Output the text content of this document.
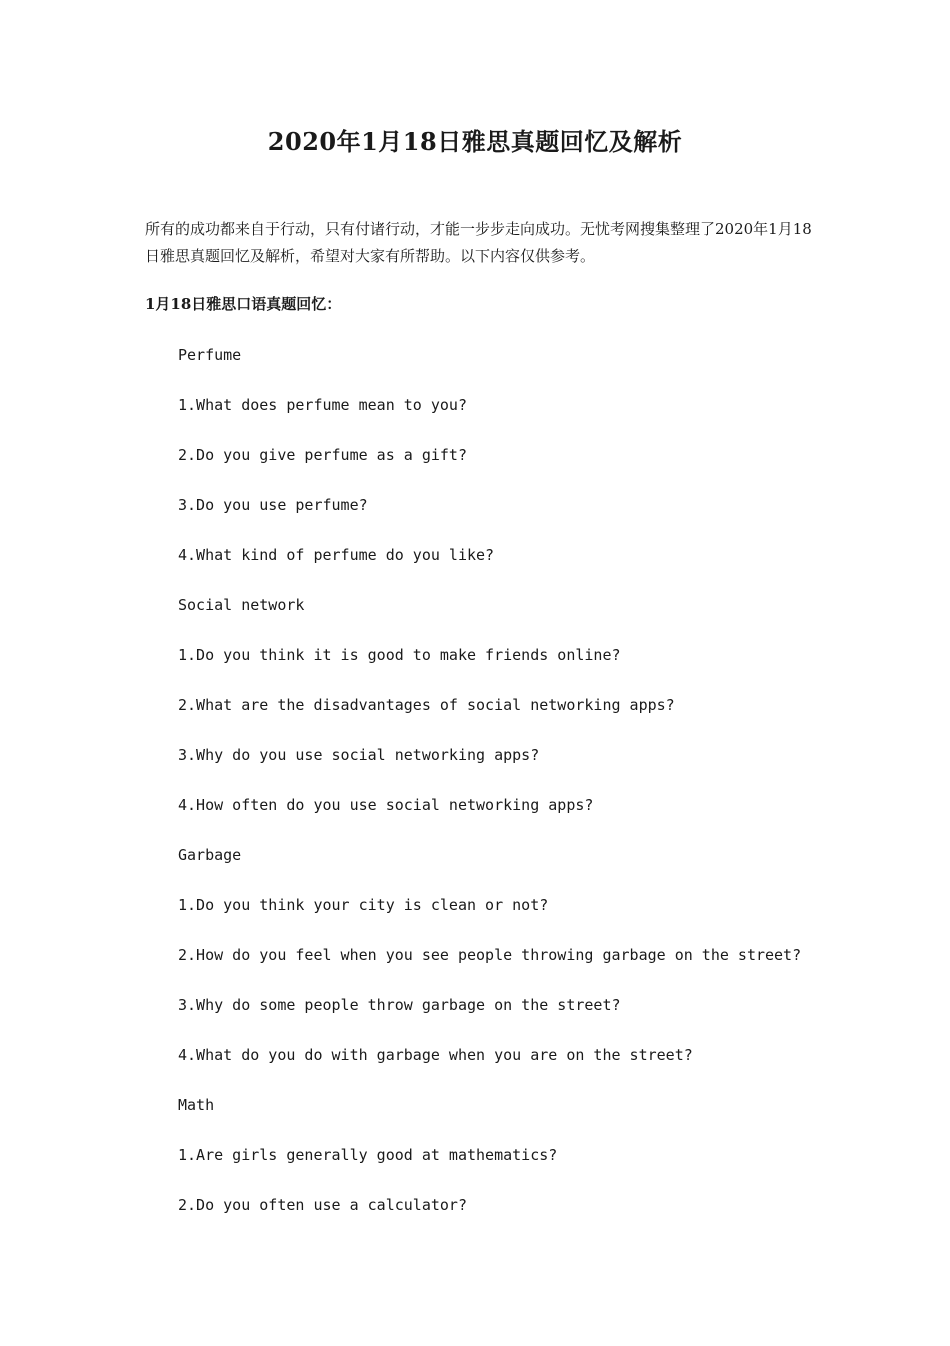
2020年1月18日雅思真题回忆及解析
所有的成功都来自于行动，只有付诸行动，才能一步步走向成功。无忧考网搜集整理了2020年1月18日雅思真题回忆及解析，希望对大家有所帮助。以下内容仅供参考。
1月18日雅思口语真题回忆：
Perfume
1.What does perfume mean to you?
2.Do you give perfume as a gift?
3.Do you use perfume?
4.What kind of perfume do you like?
Social network
1.Do you think it is good to make friends online?
2.What are the disadvantages of social networking apps?
3.Why do you use social networking apps?
4.How often do you use social networking apps?
Garbage
1.Do you think your city is clean or not?
2.How do you feel when you see people throwing garbage on the street?
3.Why do some people throw garbage on the street?
4.What do you do with garbage when you are on the street?
Math
1.Are girls generally good at mathematics?
2.Do you often use a calculator?
